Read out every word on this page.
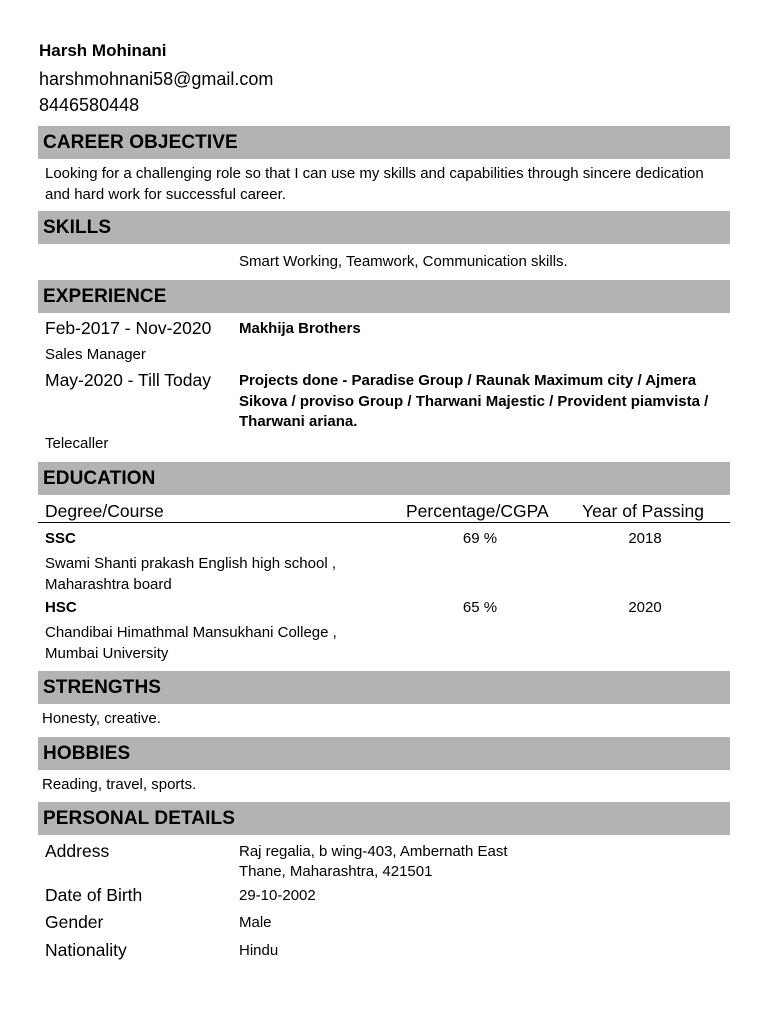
Harsh Mohinani
harshmohnani58@gmail.com
8446580448
CAREER OBJECTIVE
Looking for a challenging role so that I can use my skills and capabilities through sincere dedication and hard work for successful career.
SKILLS
Smart Working, Teamwork, Communication skills.
EXPERIENCE
Feb-2017 - Nov-2020 Makhija Brothers
Sales Manager
May-2020 - Till Today Projects done - Paradise Group / Raunak Maximum city / Ajmera Sikova / proviso Group / Tharwani Majestic / Provident piamvista / Tharwani ariana.
Telecaller
EDUCATION
Degree/Course	Percentage/CGPA Year of Passing
SSC	69 %	2018
Swami Shanti prakash English high school , Maharashtra board
HSC	65 %	2020
Chandibai Himathmal Mansukhani College , Mumbai University
STRENGTHS
Honesty, creative.
HOBBIES
Reading, travel, sports.
PERSONAL DETAILS
Address	Raj regalia, b wing-403, Ambernath East
Thane, Maharashtra, 421501
Date of Birth	29-10-2002
Gender	Male
Nationality	Hindu
